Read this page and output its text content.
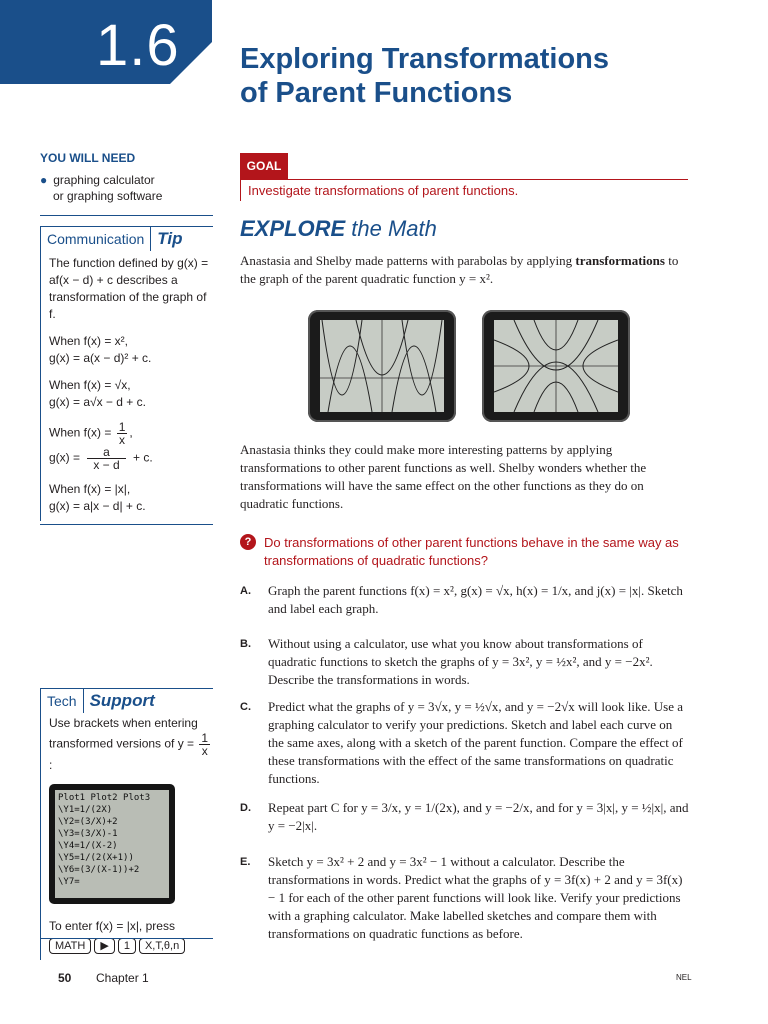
1.6 Exploring Transformations
of Parent Functions
YOU WILL NEED
● graphing calculator
or graphing software
Communication Tip

The function defined by g(x) = af(x − d) + c describes a transformation of the graph of f.

When f(x) = x²,
g(x) = a(x − d)² + c.

When f(x) = √x,
g(x) = a√x − d + c.

When $f(x) = \frac{1}{x}$ ,
$g(x) = \frac{a}{x - d} + c$.

When f(x) = |x|,
g(x) = a|x − d| + c.

Tech Support
Use brackets when entering transformed versions of $y = \frac{1}{x}$
:
Plot1 Plot2 Plot3
\Y1=1/(2X)
\Y2=(3/X)+2
\Y3=(3/X)-1
\Y4=1/(X-2)
\Y5=1/(2(X+1))
\Y6=(3/(X-1))+2
\Y7=
To enter f(x) = |x|, press
MATH ▶ 1 X,T,θ,n
GOAL
Investigate transformations of parent functions.
EXPLORE the Math
Anastasia and Shelby made patterns with parabolas by applying transformations to the graph of the parent quadratic function y = x².
Anastasia thinks they could make more interesting patterns by applying transformations to other parent functions as well. Shelby wonders whether the transformations will have the same effect on the other functions as they do on quadratic functions.
? Do transformations of other parent functions behave in the same way as transformations of quadratic functions?
A. Graph the parent functions f(x) = x², g(x) = √x, h(x) = 1/x, and j(x) = |x|. Sketch and label each graph.
B. Without using a calculator, use what you know about transformations of quadratic functions to sketch the graphs of y = 3x², y = ½x², and y = −2x². Describe the transformations in words.
C. Predict what the graphs of y = 3√x, y = ½√x, and y = −2√x will look like. Use a graphing calculator to verify your predictions. Sketch and label each curve on the same axes, along with a sketch of the parent function. Compare the effect of these transformations with the effect of the same transformations on quadratic functions.
D. Repeat part C for y = 3/x, y = 1/(2x), and y = −2/x, and for y = 3|x|, y = ½|x|, and y = −2|x|.
E. Sketch y = 3x² + 2 and y = 3x² − 1 without a calculator. Describe the transformations in words. Predict what the graphs of y = 3f(x) + 2 and y = 3f(x) − 1 for each of the other parent functions will look like. Verify your predictions with a graphing calculator. Make labelled sketches and compare them with transformations on quadratic functions as before.
50 Chapter 1	NEL
